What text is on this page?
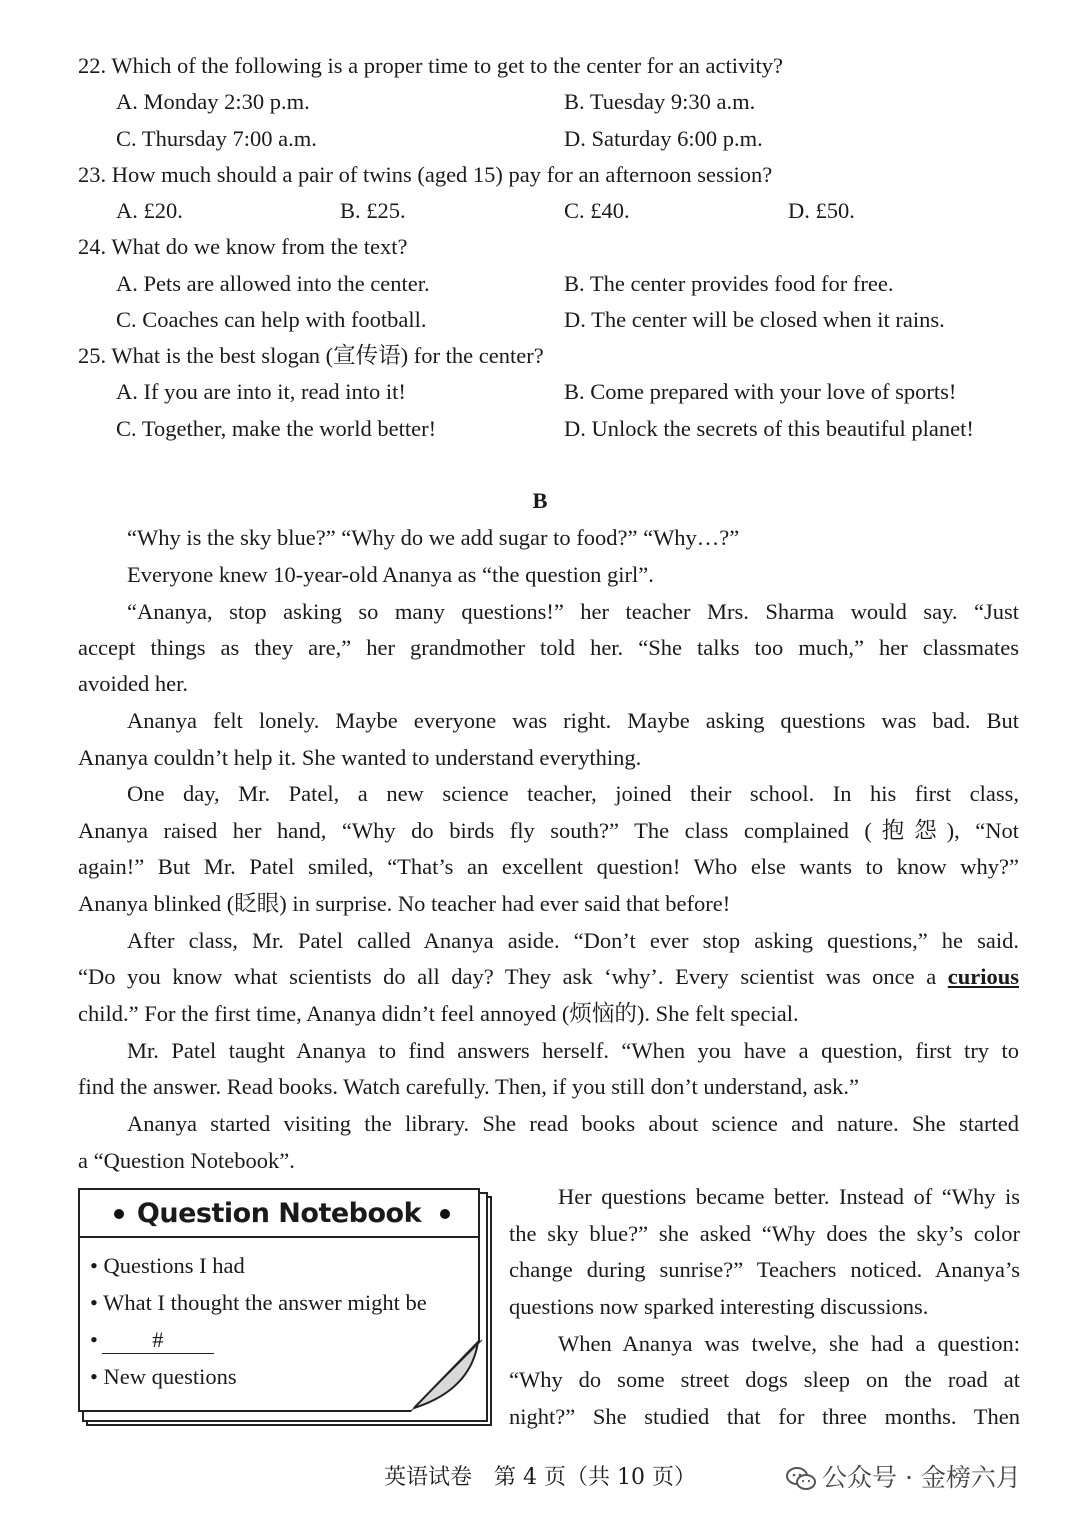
22. Which of the following is a proper time to get to the center for an activity?
A. Monday 2:30 p.m.	B. Tuesday 9:30 a.m.
C. Thursday 7:00 a.m.	D. Saturday 6:00 p.m.
23. How much should a pair of twins (aged 15) pay for an afternoon session?
A. £20.	B. £25.	C. £40.	D. £50.
24. What do we know from the text?
A. Pets are allowed into the center.	B. The center provides food for free.
C. Coaches can help with football.	D. The center will be closed when it rains.
25. What is the best slogan (宣传语) for the center?
A. If you are into it, read into it!	B. Come prepared with your love of sports!
C. Together, make the world better!	D. Unlock the secrets of this beautiful planet!
B
“Why is the sky blue?” “Why do we add sugar to food?” “Why…?”
Everyone knew 10-year-old Ananya as “the question girl”.
“Ananya, stop asking so many questions!” her teacher Mrs. Sharma would say. “Just
accept things as they are,” her grandmother told her. “She talks too much,” her classmates
avoided her.
Ananya felt lonely. Maybe everyone was right. Maybe asking questions was bad. But
Ananya couldn’t help it. She wanted to understand everything.
One day, Mr. Patel, a new science teacher, joined their school. In his first class,
Ananya raised her hand, “Why do birds fly south?” The class complained (抱怨), “Not
again!” But Mr. Patel smiled, “That’s an excellent question! Who else wants to know why?”
Ananya blinked (眨眼) in surprise. No teacher had ever said that before!
After class, Mr. Patel called Ananya aside. “Don’t ever stop asking questions,” he said.
“Do you know what scientists do all day? They ask ‘why’. Every scientist was once a curious
child.” For the first time, Ananya didn’t feel annoyed (烦恼的). She felt special.
Mr. Patel taught Ananya to find answers herself. “When you have a question, first try to
find the answer. Read books. Watch carefully. Then, if you still don’t understand, ask.”
Ananya started visiting the library. She read books about science and nature. She started
a “Question Notebook”.
Question Notebook
• Questions I had
• What I thought the answer might be
• #
• New questions
Her questions became better. Instead of “Why is
the sky blue?” she asked “Why does the sky’s color
change during sunrise?” Teachers noticed. Ananya’s
questions now sparked interesting discussions.
When Ananya was twelve, she had a question:
“Why do some street dogs sleep on the road at
night?” She studied that for three months. Then
英语试卷　第 4 页（共 10 页）	公众号 · 金榜六月
